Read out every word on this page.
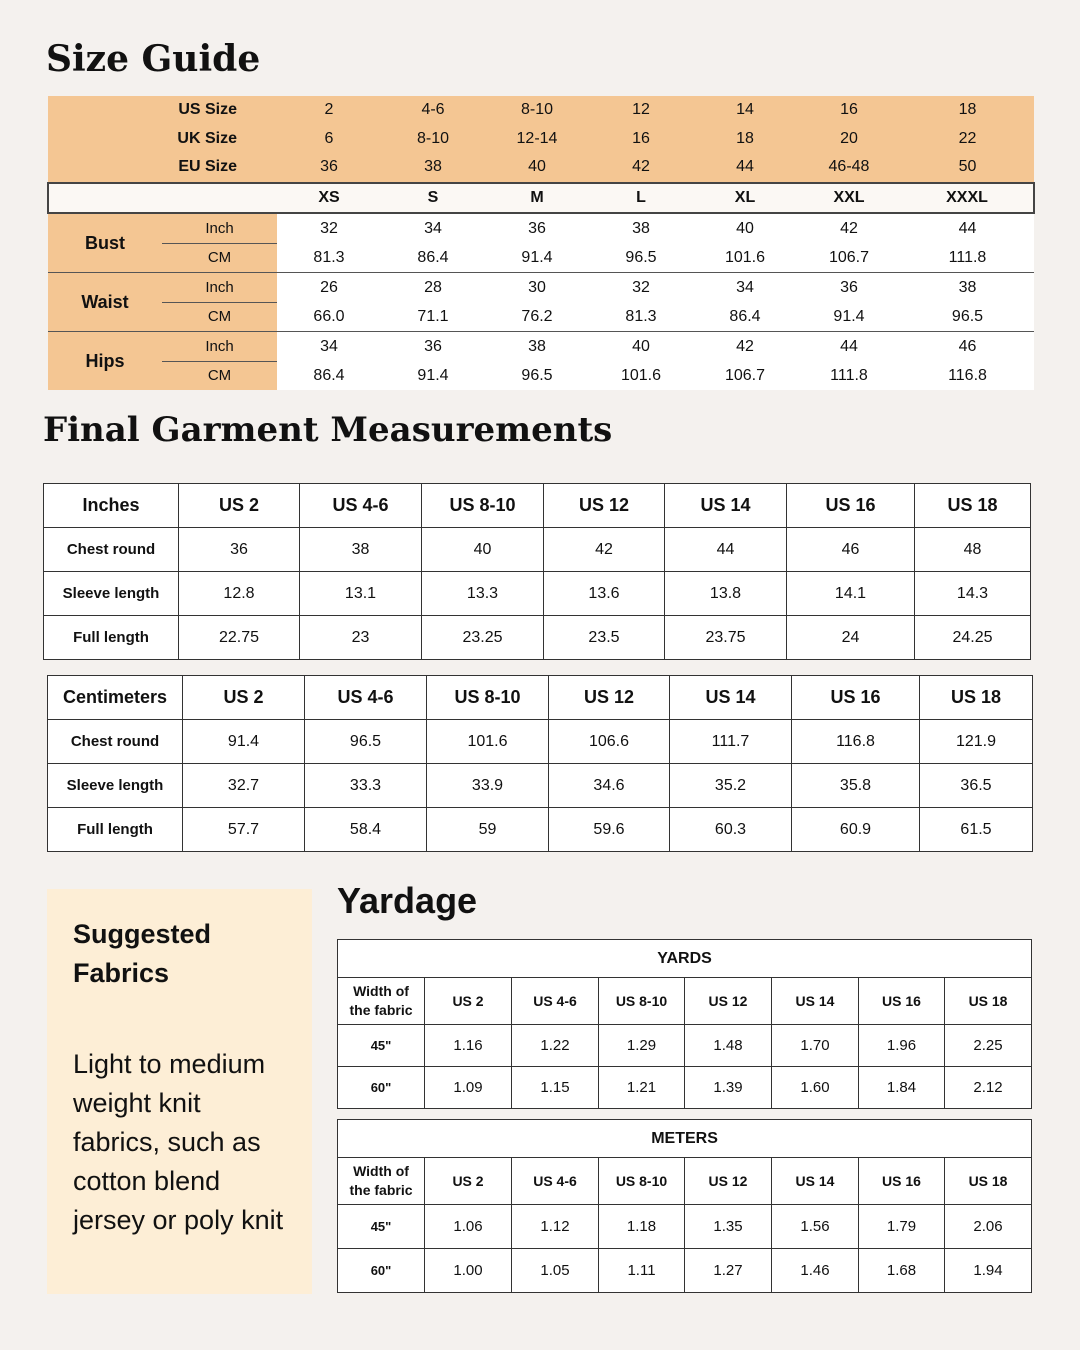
Size Guide
US Size		2	4-6	8-10	12	14	16	18
UK Size		6	8-10	12-14	16	18	20	22
EU Size		36	38	40	42	44	46-48	50
		XS	S	M	L	XL	XXL	XXXL
Bust	Inch	32	34	36	38	40	42	44
	CM	81.3	86.4	91.4	96.5	101.6	106.7	111.8
Waist	Inch	26	28	30	32	34	36	38
	CM	66.0	71.1	76.2	81.3	86.4	91.4	96.5
Hips	Inch	34	36	38	40	42	44	46
	CM	86.4	91.4	96.5	101.6	106.7	111.8	116.8
Final Garment Measurements
Inches	US 2	US 4-6	US 8-10	US 12	US 14	US 16	US 18
Chest round	36	38	40	42	44	46	48
Sleeve length	12.8	13.1	13.3	13.6	13.8	14.1	14.3
Full length	22.75	23	23.25	23.5	23.75	24	24.25
Centimeters	US 2	US 4-6	US 8-10	US 12	US 14	US 16	US 18
Chest round	91.4	96.5	101.6	106.6	111.7	116.8	121.9
Sleeve length	32.7	33.3	33.9	34.6	35.2	35.8	36.5
Full length	57.7	58.4	59	59.6	60.3	60.9	61.5

Suggested Fabrics

Light to medium weight knit fabrics, such as cotton blend jersey or poly knit

Yardage
YARDS							
Width of
the fabric	US 2	US 4-6	US 8-10	US 12	US 14	US 16	US 18
45"	1.16	1.22	1.29	1.48	1.70	1.96	2.25
60"	1.09	1.15	1.21	1.39	1.60	1.84	2.12
METERS							
Width of
the fabric	US 2	US 4-6	US 8-10	US 12	US 14	US 16	US 18
45"	1.06	1.12	1.18	1.35	1.56	1.79	2.06
60"	1.00	1.05	1.11	1.27	1.46	1.68	1.94
